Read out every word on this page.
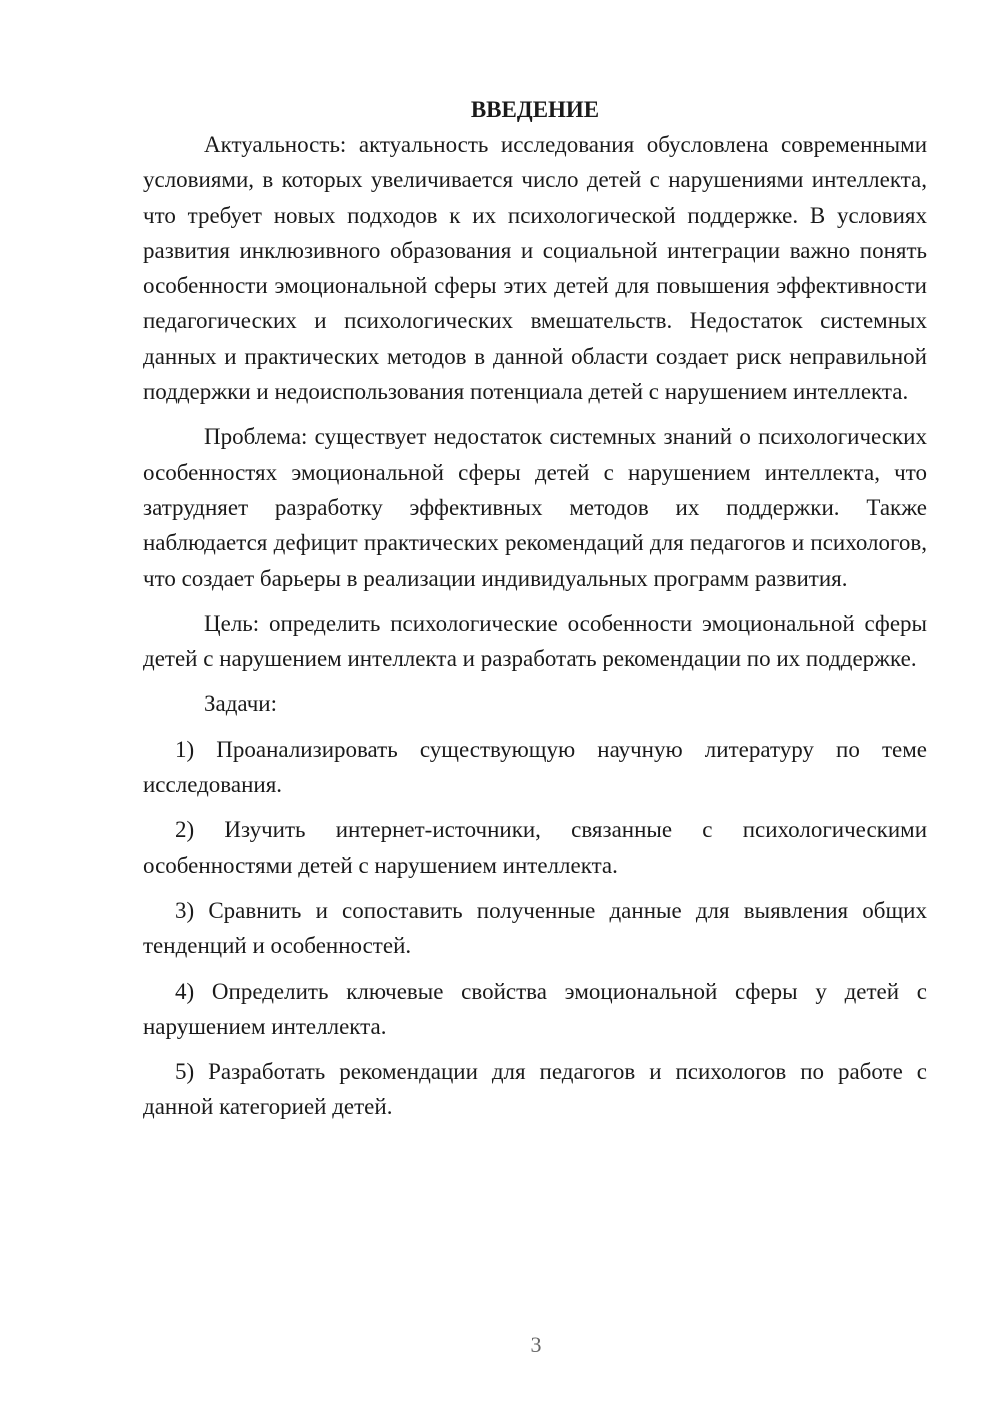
ВВЕДЕНИЕ

Актуальность: актуальность исследования обусловлена современными условиями, в которых увеличивается число детей с нарушениями интеллекта, что требует новых подходов к их психологической поддержке. В условиях развития инклюзивного образования и социальной интеграции важно понять особенности эмоциональной сферы этих детей для повышения эффективности педагогических и психологических вмешательств. Недостаток системных данных и практических методов в данной области создает риск неправильной поддержки и недоиспользования потенциала детей с нарушением интеллекта.

Проблема: существует недостаток системных знаний о психологических особенностях эмоциональной сферы детей с нарушением интеллекта, что затрудняет разработку эффективных методов их поддержки. Также наблюдается дефицит практических рекомендаций для педагогов и психологов, что создает барьеры в реализации индивидуальных программ развития.

Цель: определить психологические особенности эмоциональной сферы детей с нарушением интеллекта и разработать рекомендации по их поддержке.

Задачи:

1) Проанализировать существующую научную литературу по теме исследования.

2) Изучить интернет-источники, связанные с психологическими особенностями детей с нарушением интеллекта.

3) Сравнить и сопоставить полученные данные для выявления общих тенденций и особенностей.

4) Определить ключевые свойства эмоциональной сферы у детей с нарушением интеллекта.

5) Разработать рекомендации для педагогов и психологов по работе с данной категорией детей.

3
